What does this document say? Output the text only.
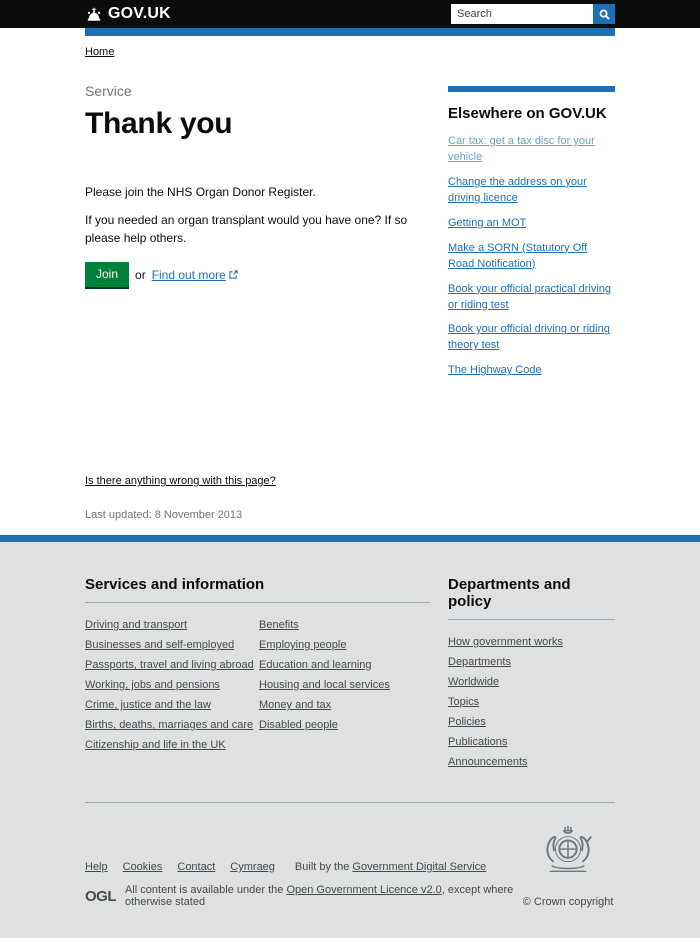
GOV.UK
Search
Home

Service

Thank you

Please join the NHS Organ Donor Register.

If you needed an organ transplant would you have one? If so please help others.

Join	or Find out more
Is there anything wrong with this page?

Last updated: 8 November 2013

Elsewhere on GOV.UK
Car tax: get a tax disc for your vehicle
Change the address on your driving licence
Getting an MOT
Make a SORN (Statutory Off Road Notification)
Book your official practical driving or riding test
Book your official driving or riding theory test
The Highway Code
Services and information
Driving and transport
Businesses and self-employed
Passports, travel and living abroad
Working, jobs and pensions
Crime, justice and the law
Births, deaths, marriages and care
Citizenship and life in the UK
Benefits
Employing people
Education and learning
Housing and local services
Money and tax
Disabled people
Departments and policy
How government works
Departments
Worldwide
Topics
Policies
Publications
Announcements
Help Cookies Contact Cymraeg Built by the Government Digital Service
OGL All content is available under the Open Government Licence v2.0, except where otherwise stated	© Crown copyright
